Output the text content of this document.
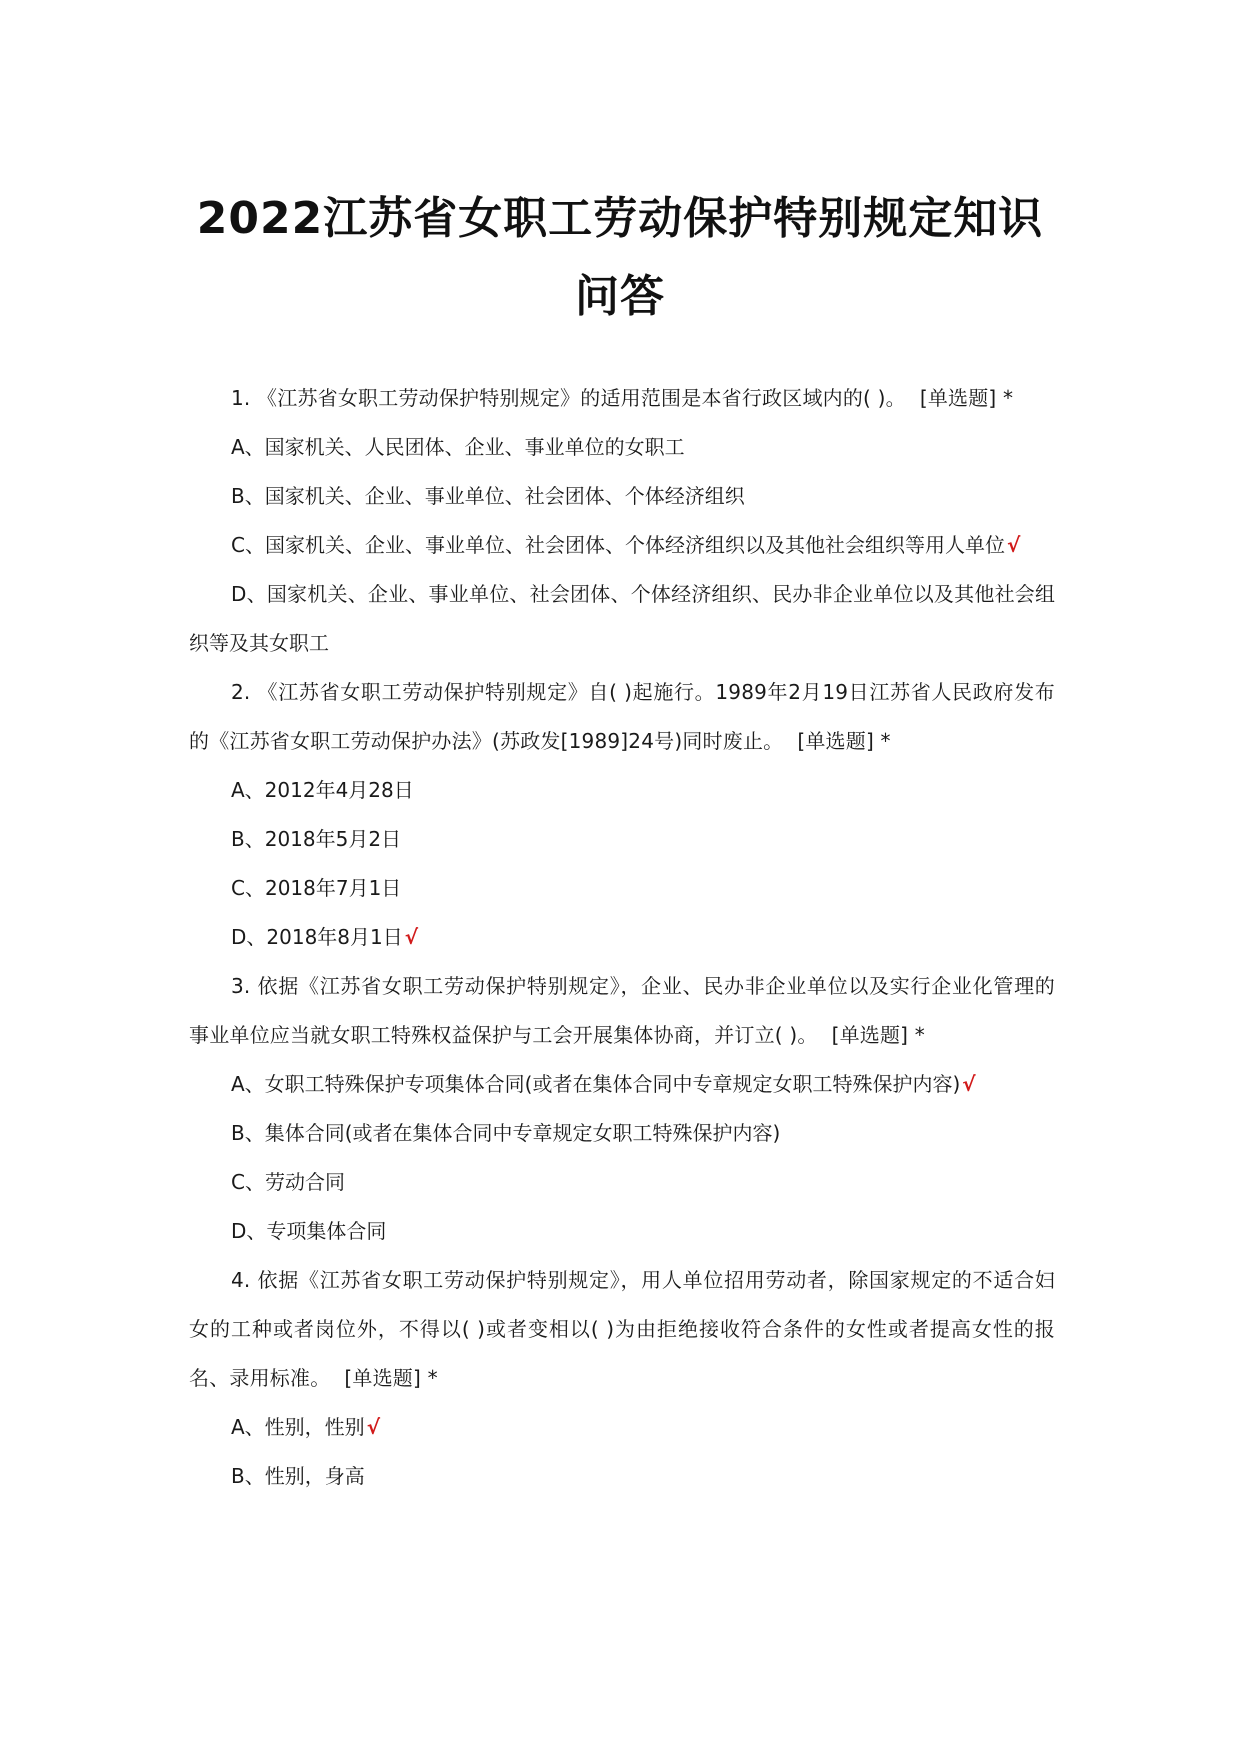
2022江苏省女职工劳动保护特别规定知识
问答

1. 《江苏省女职工劳动保护特别规定》的适用范围是本省行政区域内的( )。 [单选题] *

A、国家机关、人民团体、企业、事业单位的女职工

B、国家机关、企业、事业单位、社会团体、个体经济组织

C、国家机关、企业、事业单位、社会团体、个体经济组织以及其他社会组织等用人单位 √

D、国家机关、企业、事业单位、社会团体、个体经济组织、民办非企业单位以及其他社会组织等及其女职工

2. 《江苏省女职工劳动保护特别规定》自( )起施行。1989年2月19日江苏省人民政府发布的《江苏省女职工劳动保护办法》(苏政发[1989]24号)同时废止。 [单选题] *

A、2012年4月28日

B、2018年5月2日

C、2018年7月1日

D、2018年8月1日 √

3. 依据《江苏省女职工劳动保护特别规定》，企业、民办非企业单位以及实行企业化管理的事业单位应当就女职工特殊权益保护与工会开展集体协商，并订立( )。 [单选题] *

A、女职工特殊保护专项集体合同(或者在集体合同中专章规定女职工特殊保护内容) √

B、集体合同(或者在集体合同中专章规定女职工特殊保护内容)

C、劳动合同

D、专项集体合同

4. 依据《江苏省女职工劳动保护特别规定》，用人单位招用劳动者，除国家规定的不适合妇女的工种或者岗位外，不得以( )或者变相以( )为由拒绝接收符合条件的女性或者提高女性的报名、录用标准。 [单选题] *

A、性别，性别 √

B、性别，身高
